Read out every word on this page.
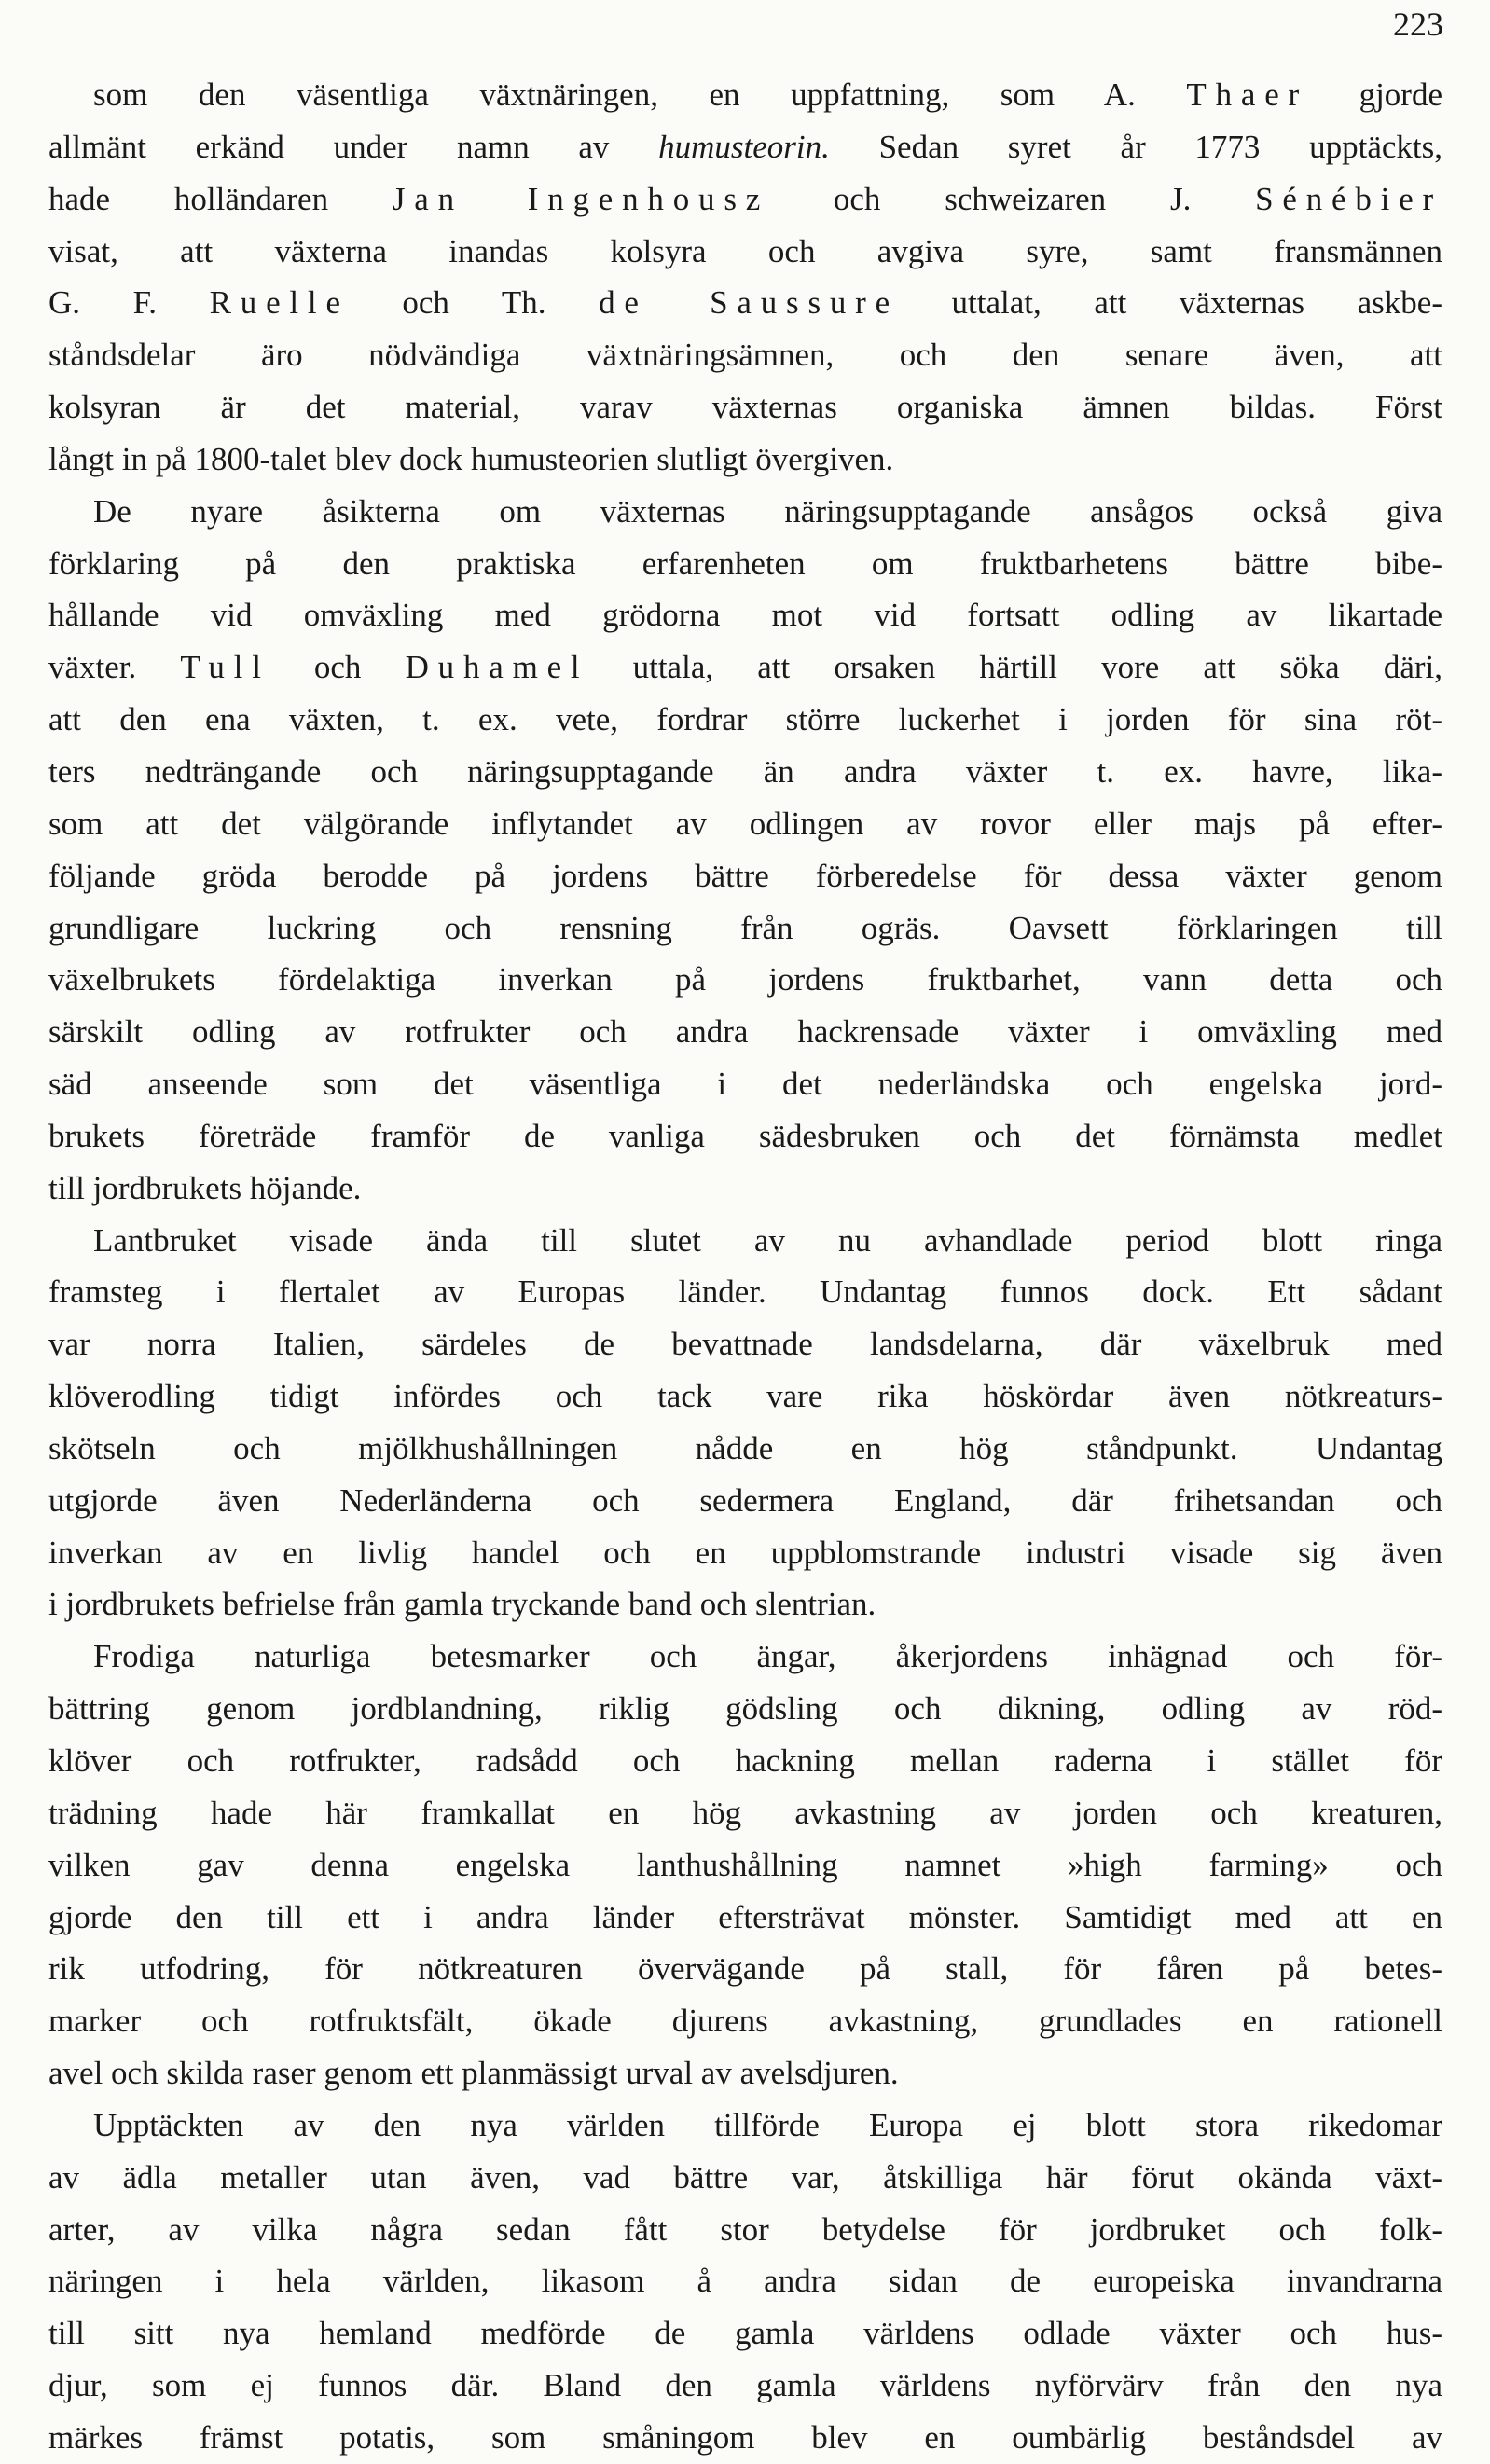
223
som den väsentliga växtnäringen, en uppfattning, som A. Thaer gjorde
allmänt erkänd under namn av humusteorin. Sedan syret år 1773 upptäckts,
hade holländaren Jan Ingenhousz och schweizaren J. Sénébier
visat, att växterna inandas kolsyra och avgiva syre, samt fransmännen
G. F. Ruelle och Th. de Saussure uttalat, att växternas askbe-
ståndsdelar äro nödvändiga växtnäringsämnen, och den senare även, att
kolsyran är det material, varav växternas organiska ämnen bildas. Först
långt in på 1800-talet blev dock humusteorien slutligt övergiven.
De nyare åsikterna om växternas näringsupptagande ansågos också giva
förklaring på den praktiska erfarenheten om fruktbarhetens bättre bibe-
hållande vid omväxling med grödorna mot vid fortsatt odling av likartade
växter. Tull och Duhamel uttala, att orsaken härtill vore att söka däri,
att den ena växten, t. ex. vete, fordrar större luckerhet i jorden för sina röt-
ters nedträngande och näringsupptagande än andra växter t. ex. havre, lika-
som att det välgörande inflytandet av odlingen av rovor eller majs på efter-
följande gröda berodde på jordens bättre förberedelse för dessa växter genom
grundligare luckring och rensning från ogräs. Oavsett förklaringen till
växelbrukets fördelaktiga inverkan på jordens fruktbarhet, vann detta och
särskilt odling av rotfrukter och andra hackrensade växter i omväxling med
säd anseende som det väsentliga i det nederländska och engelska jord-
brukets företräde framför de vanliga sädesbruken och det förnämsta medlet
till jordbrukets höjande.
Lantbruket visade ända till slutet av nu avhandlade period blott ringa
framsteg i flertalet av Europas länder. Undantag funnos dock. Ett sådant
var norra Italien, särdeles de bevattnade landsdelarna, där växelbruk med
klöverodling tidigt infördes och tack vare rika höskördar även nötkreaturs-
skötseln och mjölkhushållningen nådde en hög ståndpunkt. Undantag
utgjorde även Nederländerna och sedermera England, där frihetsandan och
inverkan av en livlig handel och en uppblomstrande industri visade sig även
i jordbrukets befrielse från gamla tryckande band och slentrian.
Frodiga naturliga betesmarker och ängar, åkerjordens inhägnad och för-
bättring genom jordblandning, riklig gödsling och dikning, odling av röd-
klöver och rotfrukter, radsådd och hackning mellan raderna i stället för
trädning hade här framkallat en hög avkastning av jorden och kreaturen,
vilken gav denna engelska lanthushållning namnet »high farming» och
gjorde den till ett i andra länder eftersträvat mönster. Samtidigt med att en
rik utfodring, för nötkreaturen övervägande på stall, för fåren på betes-
marker och rotfruktsfält, ökade djurens avkastning, grundlades en rationell
avel och skilda raser genom ett planmässigt urval av avelsdjuren.
Upptäckten av den nya världen tillförde Europa ej blott stora rikedomar
av ädla metaller utan även, vad bättre var, åtskilliga här förut okända växt-
arter, av vilka några sedan fått stor betydelse för jordbruket och folk-
näringen i hela världen, likasom å andra sidan de europeiska invandrarna
till sitt nya hemland medförde de gamla världens odlade växter och hus-
djur, som ej funnos där. Bland den gamla världens nyförvärv från den nya
märkes främst potatis, som småningom blev en oumbärlig beståndsdel av
